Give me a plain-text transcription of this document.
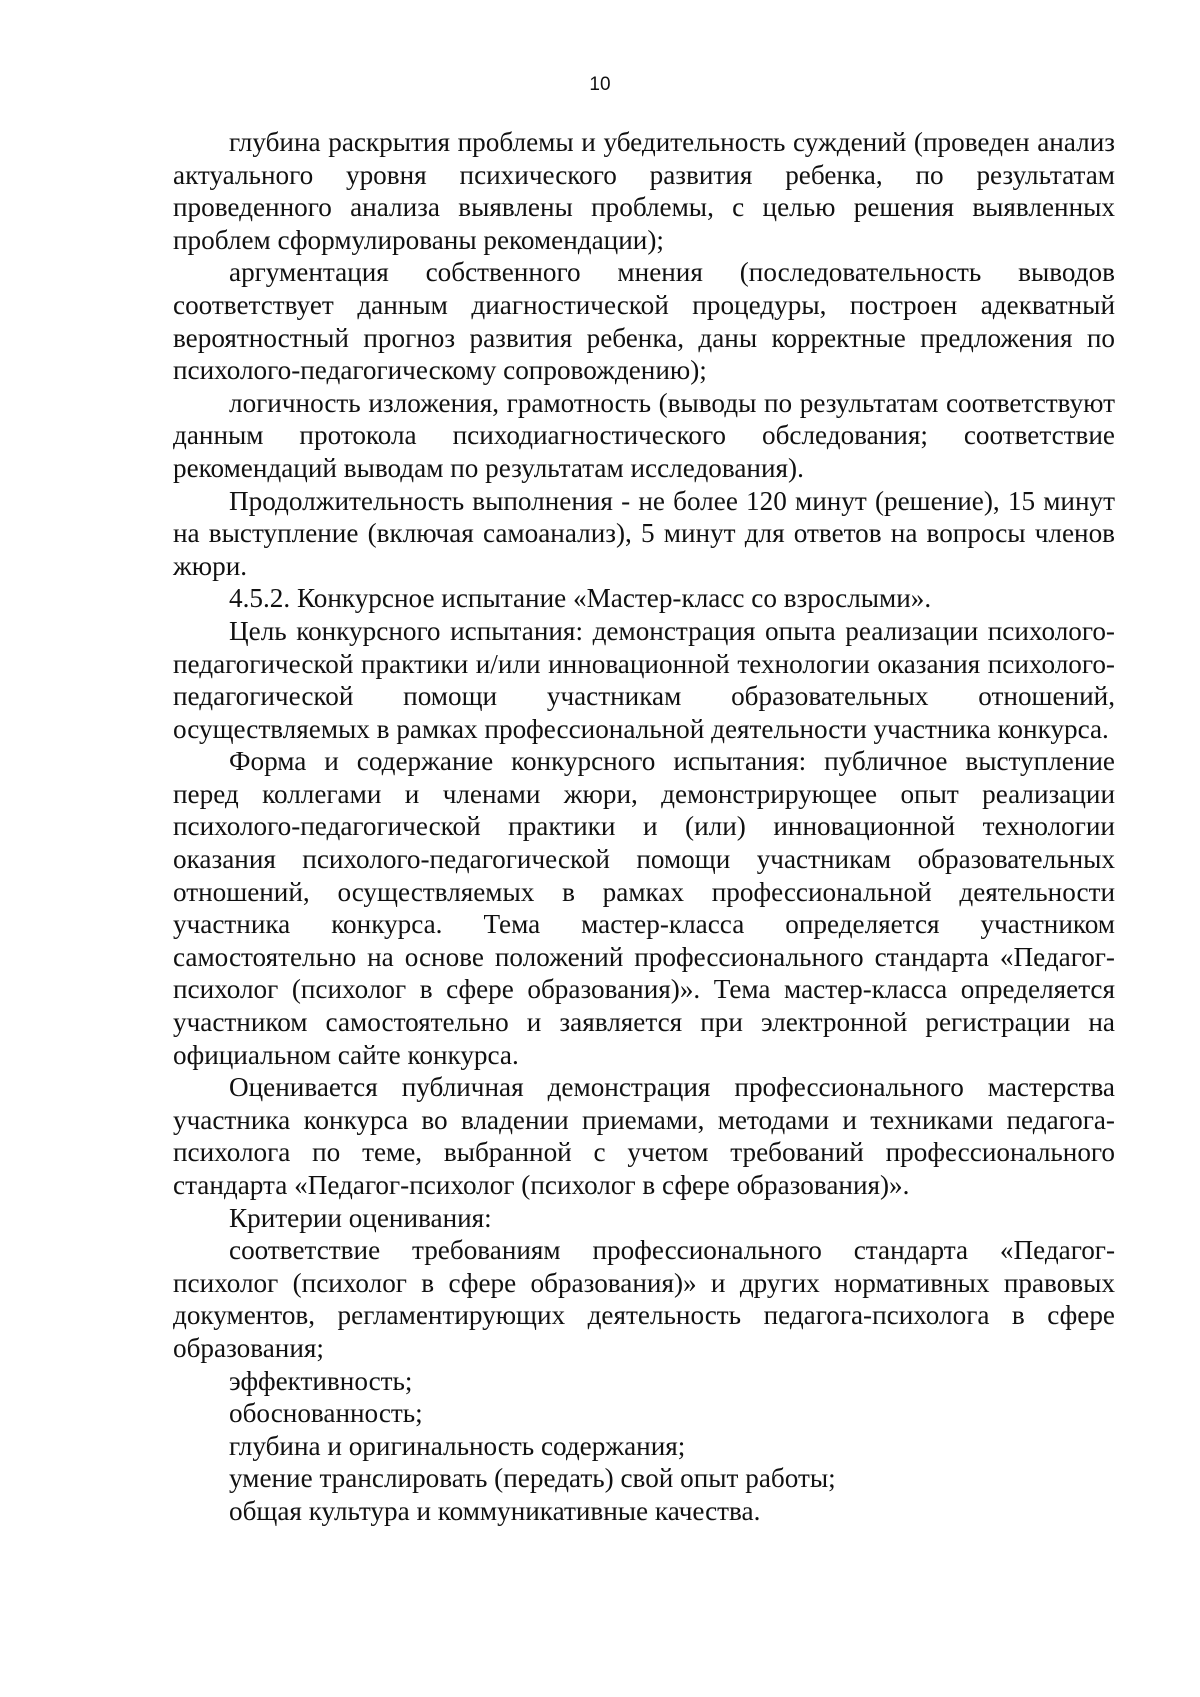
10

глубина раскрытия проблемы и убедительность суждений (проведен анализ актуального уровня психического развития ребенка, по результатам проведенного анализа выявлены проблемы, с целью решения выявленных проблем сформулированы рекомендации);

аргументация собственного мнения (последовательность выводов соответствует данным диагностической процедуры, построен адекватный вероятностный прогноз развития ребенка, даны корректные предложения по психолого-педагогическому сопровождению);

логичность изложения, грамотность (выводы по результатам соответствуют данным протокола психодиагностического обследования; соответствие рекомендаций выводам по результатам исследования).

Продолжительность выполнения - не более 120 минут (решение), 15 минут на выступление (включая самоанализ), 5 минут для ответов на вопросы членов жюри.

4.5.2. Конкурсное испытание «Мастер-класс со взрослыми».

Цель конкурсного испытания: демонстрация опыта реализации психолого-педагогической практики и/или инновационной технологии оказания психолого-педагогической помощи участникам образовательных отношений, осуществляемых в рамках профессиональной деятельности участника конкурса.

Форма и содержание конкурсного испытания: публичное выступление перед коллегами и членами жюри, демонстрирующее опыт реализации психолого-педагогической практики и (или) инновационной технологии оказания психолого-педагогической помощи участникам образовательных отношений, осуществляемых в рамках профессиональной деятельности участника конкурса. Тема мастер-класса определяется участником самостоятельно на основе положений профессионального стандарта «Педагог-психолог (психолог в сфере образования)». Тема мастер-класса определяется участником самостоятельно и заявляется при электронной регистрации на официальном сайте конкурса.

Оценивается публичная демонстрация профессионального мастерства участника конкурса во владении приемами, методами и техниками педагога-психолога по теме, выбранной с учетом требований профессионального стандарта «Педагог-психолог (психолог в сфере образования)».

Критерии оценивания:

соответствие требованиям профессионального стандарта «Педагог-психолог (психолог в сфере образования)» и других нормативных правовых документов, регламентирующих деятельность педагога-психолога в сфере образования;

эффективность;

обоснованность;

глубина и оригинальность содержания;

умение транслировать (передать) свой опыт работы;

общая культура и коммуникативные качества.
